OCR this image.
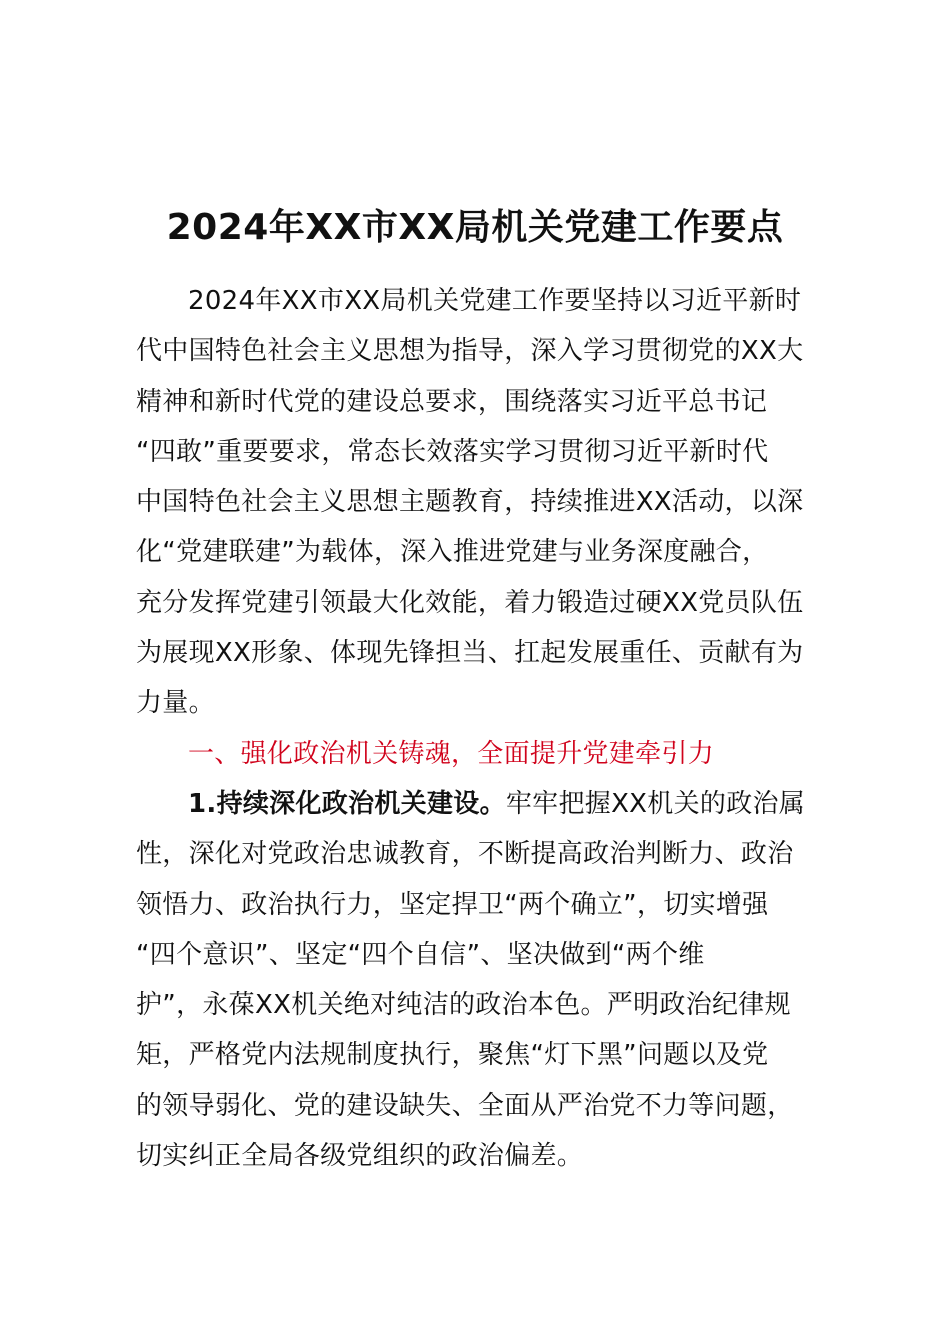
2024年XX市XX局机关党建工作要点
2024年XX市XX局机关党建工作要坚持以习近平新时
代中国特色社会主义思想为指导，深入学习贯彻党的XX大
精神和新时代党的建设总要求，围绕落实习近平总书记
“四敢”重要要求，常态长效落实学习贯彻习近平新时代
中国特色社会主义思想主题教育，持续推进XX活动，以深
化“党建联建”为载体，深入推进党建与业务深度融合，
充分发挥党建引领最大化效能，着力锻造过硬XX党员队伍
为展现XX形象、体现先锋担当、扛起发展重任、贡献有为
力量。
一、强化政治机关铸魂，全面提升党建牵引力
1.持续深化政治机关建设。牢牢把握XX机关的政治属
性，深化对党政治忠诚教育，不断提高政治判断力、政治
领悟力、政治执行力，坚定捍卫“两个确立”，切实增强
“四个意识”、坚定“四个自信”、坚决做到“两个维
护”，永葆XX机关绝对纯洁的政治本色。严明政治纪律规
矩，严格党内法规制度执行，聚焦“灯下黑”问题以及党
的领导弱化、党的建设缺失、全面从严治党不力等问题，
切实纠正全局各级党组织的政治偏差。
